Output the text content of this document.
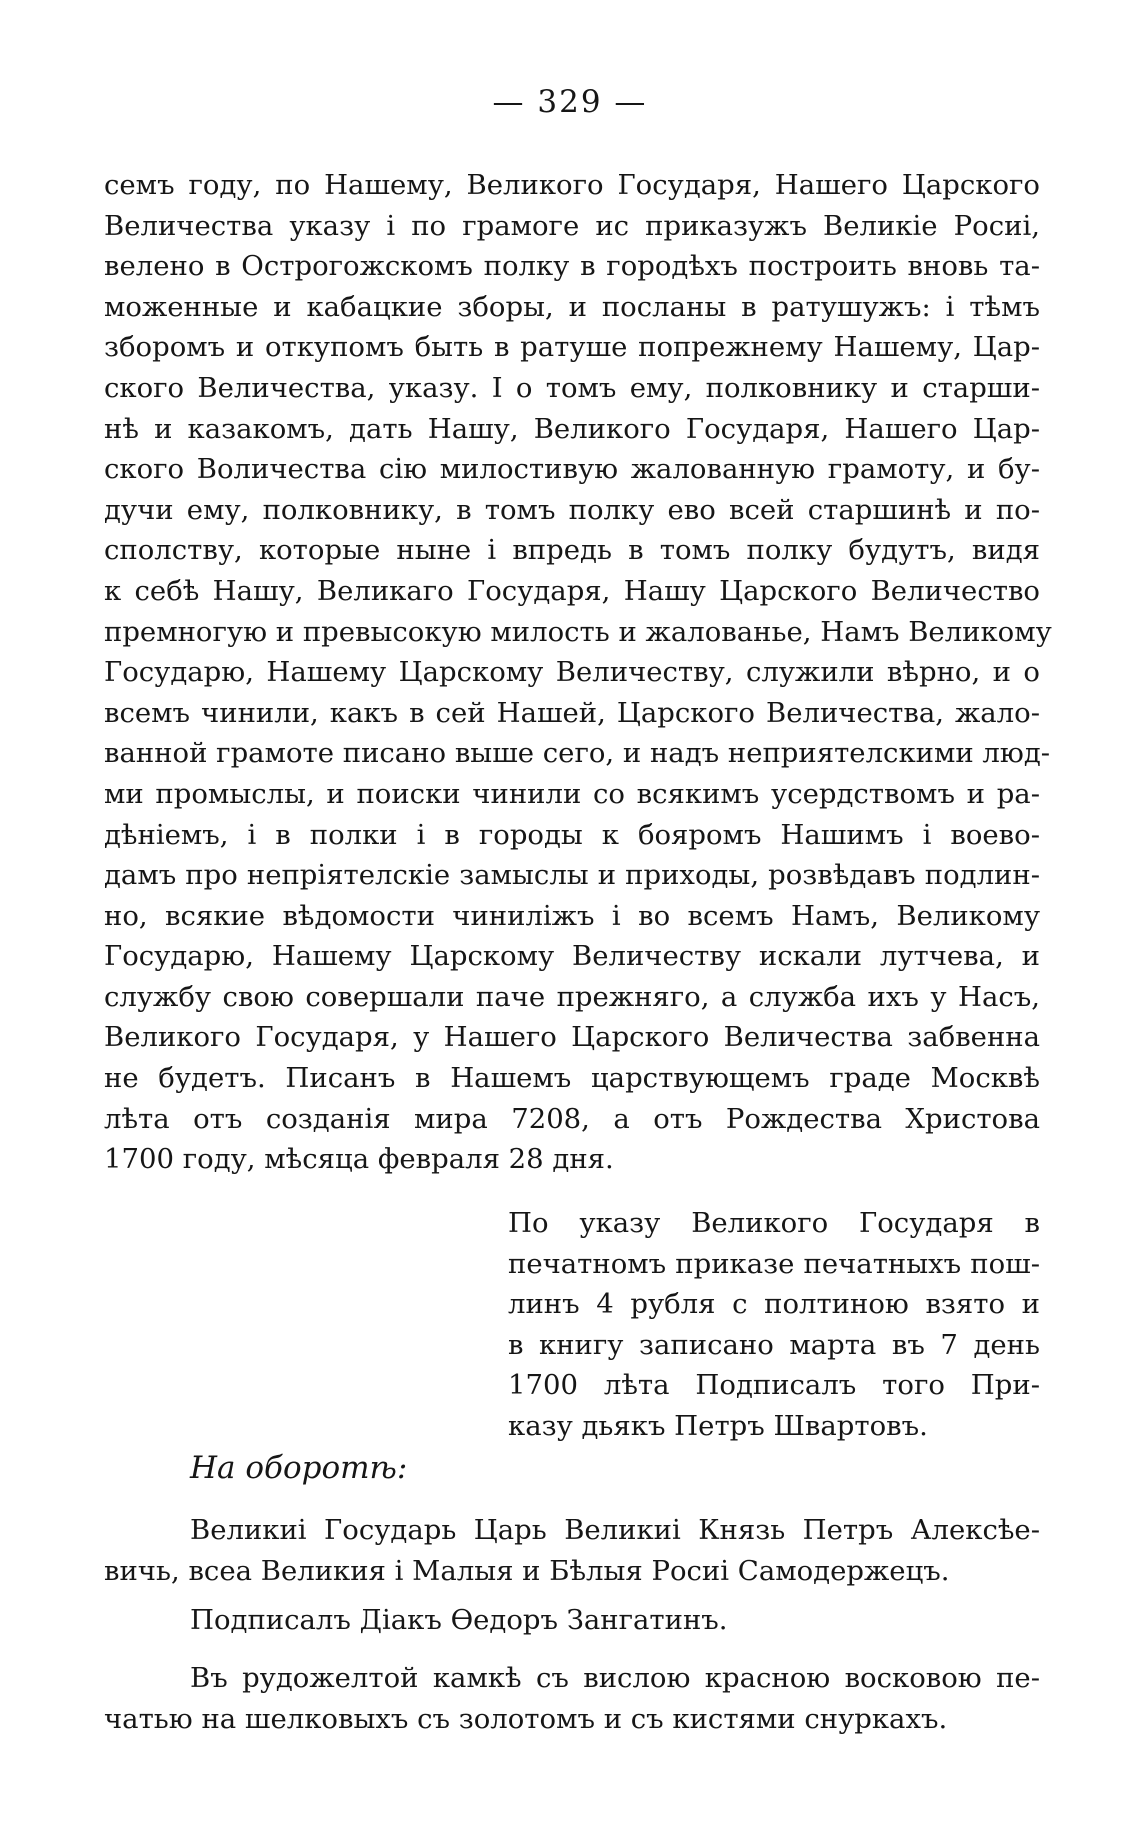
— 329 —
семъ году, по Нашему, Великого Государя, Нашего Царского
Величества указу і по грамоге ис приказужъ Великіе Росиі,
велено в Острогожскомъ полку в городѣхъ построить вновь та-
моженные и кабацкие зборы, и посланы в ратушужъ: і тѣмъ
зборомъ и откупомъ быть в ратуше попрежнему Нашему, Цар-
ского Величества, указу. І о томъ ему, полковнику и старши-
нѣ и казакомъ, дать Нашу, Великого Государя, Нашего Цар-
ского Воличества сію милостивую жалованную грамоту, и бу-
дучи ему, полковнику, в томъ полку ево всей старшинѣ и по-
сполству, которые ныне і впредь в томъ полку будутъ, видя
к себѣ Нашу, Великаго Государя, Нашу Царского Величество
премногую и превысокую милость и жалованье, Намъ Великому
Государю, Нашему Царскому Величеству, служили вѣрно, и о
всемъ чинили, какъ в сей Нашей, Царского Величества, жало-
ванной грамоте писано выше сего, и надъ неприятелскими люд-
ми промыслы, и поиски чинили со всякимъ усердствомъ и ра-
дѣніемъ, і в полки і в городы к бояромъ Нашимъ і воево-
дамъ про непріятелскіе замыслы и приходы, розвѣдавъ подлин-
но, всякие вѣдомости чиниліжъ і во всемъ Намъ, Великому
Государю, Нашему Царскому Величеству искали лутчева, и
службу свою совершали паче прежняго, а служба ихъ у Насъ,
Великого Государя, у Нашего Царского Величества забвенна
не будетъ. Писанъ в Нашемъ царствующемъ граде Москвѣ
лѣта отъ созданія мира 7208, а отъ Рождества Христова
1700 году, мѣсяца февраля 28 дня.
По указу Великого Государя в
печатномъ приказе печатныхъ пош-
линъ 4 рубля с полтиною взято и
в книгу записано марта въ 7 день
1700 лѣта Подписалъ того При-
казу дьякъ Петръ Швартовъ.
На оборотѣ:
Великиі Государь Царь Великиі Князь Петръ Алексѣе-
вичь, всеа Великия і Малыя и Бѣлыя Росиі Самодержецъ.
Подписалъ Діакъ Ѳедоръ Зангатинъ.
Въ рудожелтой камкѣ съ вислою красною восковою пе-
чатью на шелковыхъ съ золотомъ и съ кистями снуркахъ.
